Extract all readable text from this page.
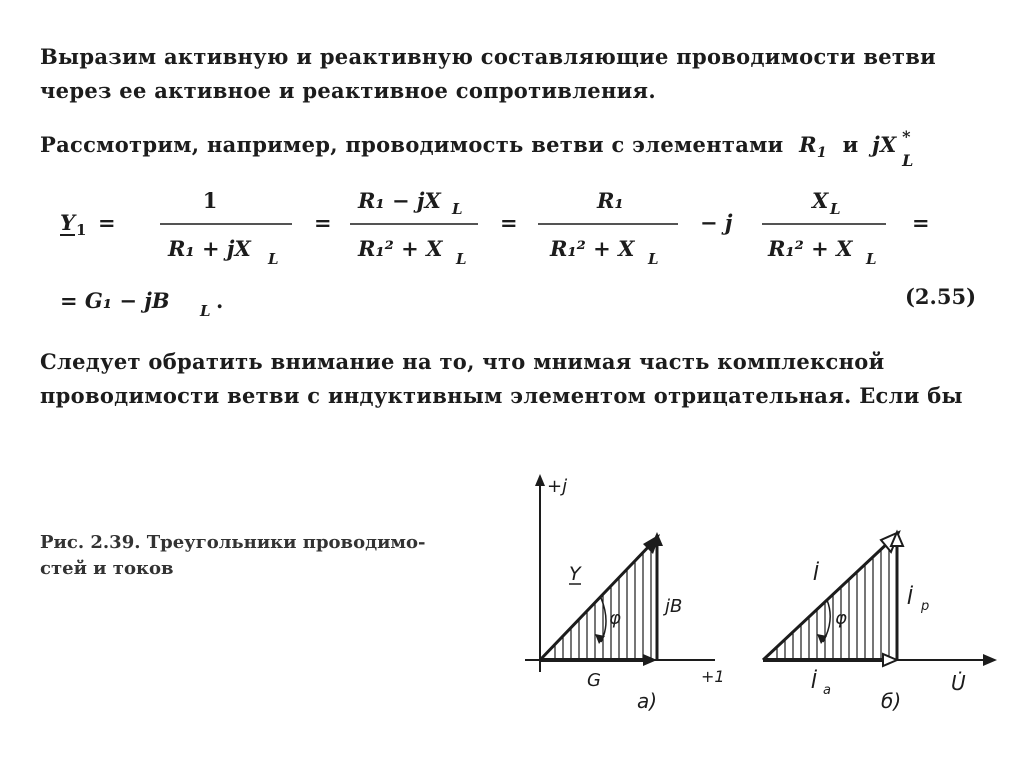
Выразим активную и реактивную составляющие проводимости ветви
через ее активное и реактивное сопротивления.
Рассмотрим, например, проводимость ветви с элементами $R_1$ и jX *
L
Y 1 =
1
R₁ + jX L
=
R₁ − jX L
R₁² + X L
=
R₁
R₁² + X L
− j
X L
R₁² + X L
=
= G₁ − jB L .	(2.55)
Следует обратить внимание на то, что мнимая часть комплексной
проводимости ветви с индуктивным элементом отрицательная. Если бы
Рис. 2.39. Треугольники проводимо-
стей и токов
+j
+1
Y
φ
jB
G
а)
İ
φ
İ р
İ а	U̇
б)
